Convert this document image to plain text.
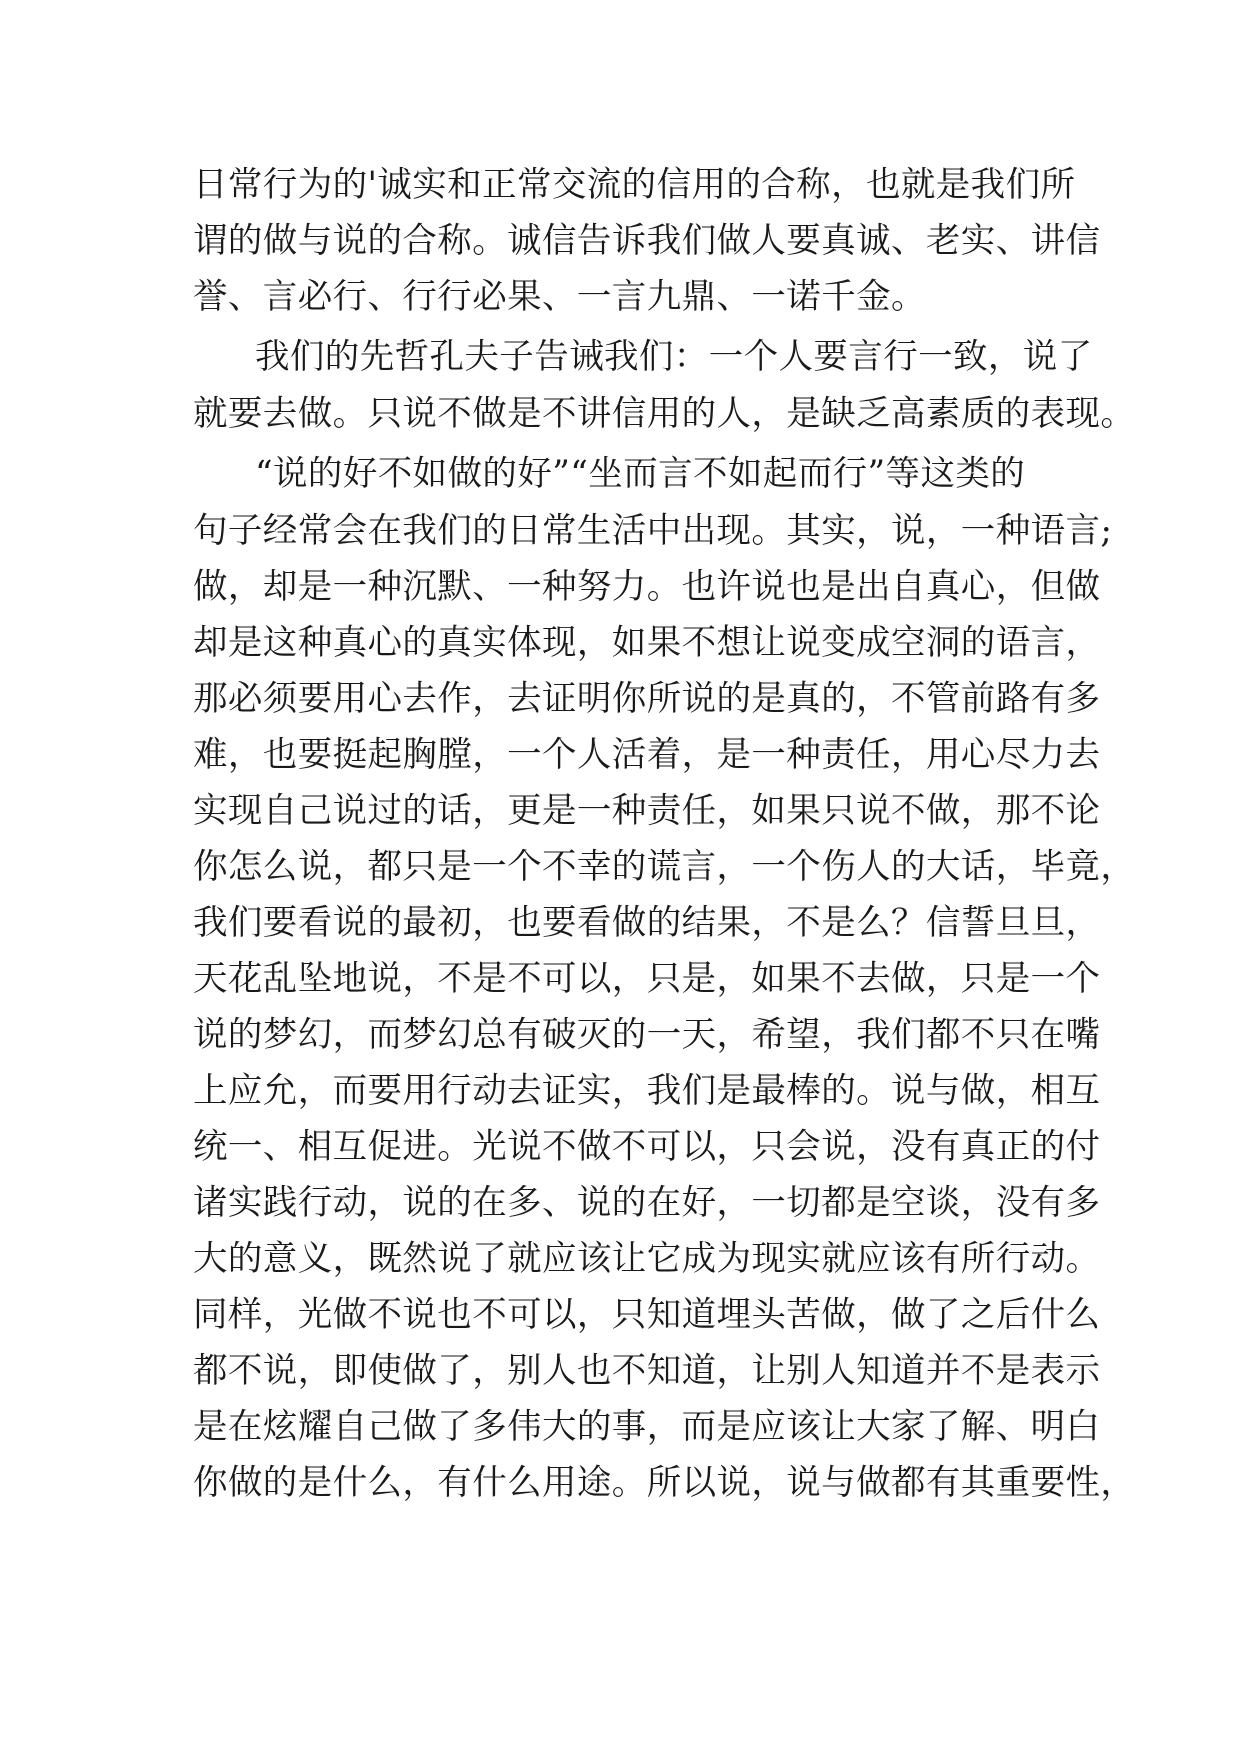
日常行为的'诚实和正常交流的信用的合称，也就是我们所
谓的做与说的合称。诚信告诉我们做人要真诚、老实、讲信
誉、言必行、行行必果、一言九鼎、一诺千金。
我们的先哲孔夫子告诫我们：一个人要言行一致，说了
就要去做。只说不做是不讲信用的人，是缺乏高素质的表现。
“说的好不如做的好”“坐而言不如起而行”等这类的
句子经常会在我们的日常生活中出现。其实，说，一种语言;
做，却是一种沉默、一种努力。也许说也是出自真心，但做
却是这种真心的真实体现，如果不想让说变成空洞的语言，
那必须要用心去作，去证明你所说的是真的，不管前路有多
难，也要挺起胸膛，一个人活着，是一种责任，用心尽力去
实现自己说过的话，更是一种责任，如果只说不做，那不论
你怎么说，都只是一个不幸的谎言，一个伤人的大话，毕竟，
我们要看说的最初，也要看做的结果，不是么？信誓旦旦，
天花乱坠地说，不是不可以，只是，如果不去做，只是一个
说的梦幻，而梦幻总有破灭的一天，希望，我们都不只在嘴
上应允，而要用行动去证实，我们是最棒的。说与做，相互
统一、相互促进。光说不做不可以，只会说，没有真正的付
诸实践行动，说的在多、说的在好，一切都是空谈，没有多
大的意义，既然说了就应该让它成为现实就应该有所行动。
同样，光做不说也不可以，只知道埋头苦做，做了之后什么
都不说，即使做了，别人也不知道，让别人知道并不是表示
是在炫耀自己做了多伟大的事，而是应该让大家了解、明白
你做的是什么，有什么用途。所以说，说与做都有其重要性，
